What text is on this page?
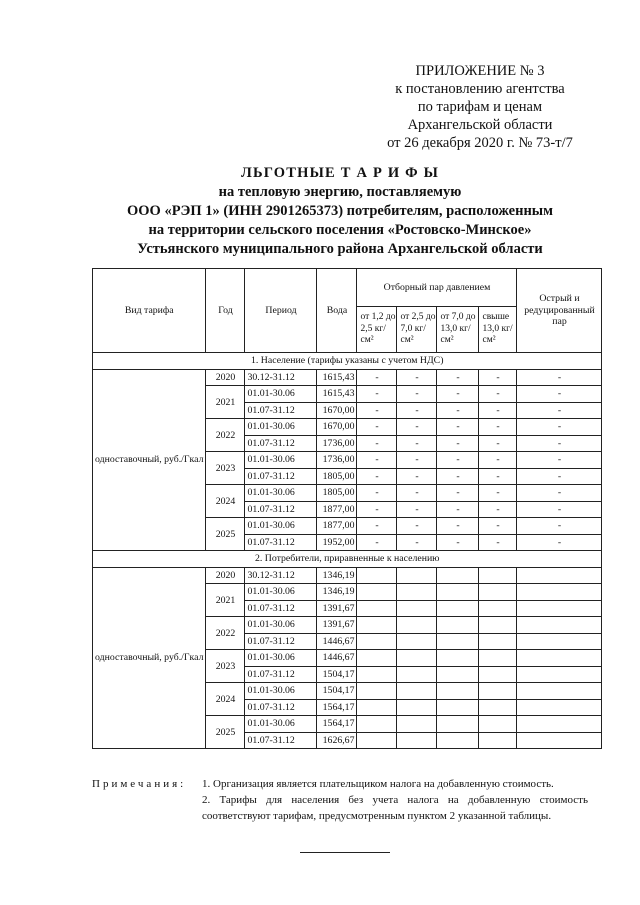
ПРИЛОЖЕНИЕ № 3
к постановлению агентства
по тарифам и ценам
Архангельской области
от 26 декабря 2020 г. № 73-т/7
ЛЬГОТНЫЕ Т А Р И Ф Ы
на тепловую энергию, поставляемую
ООО «РЭП 1» (ИНН 2901265373) потребителям, расположенным
на территории сельского поселения «Ростовско-Минское»
Устьянского муниципального района Архангельской области
Вид тарифа	Год	Период	Вода	Отборный пар давлением				Острый и редуцированный пар
				от 1,2 до 2,5 кг/см²	от 2,5 до 7,0 кг/см²	от 7,0 до 13,0 кг/см²	свыше 13,0 кг/см²	
1. Население (тарифы указаны с учетом НДС)								
одноставочный, руб./Гкал	2020	30.12-31.12	1615,43	-	-	-	-	-
	2021	01.01-30.06	1615,43	-	-	-	-	-
		01.07-31.12	1670,00	-	-	-	-	-
	2022	01.01-30.06	1670,00	-	-	-	-	-
		01.07-31.12	1736,00	-	-	-	-	-
	2023	01.01-30.06	1736,00	-	-	-	-	-
		01.07-31.12	1805,00	-	-	-	-	-
	2024	01.01-30.06	1805,00	-	-	-	-	-
		01.07-31.12	1877,00	-	-	-	-	-
	2025	01.01-30.06	1877,00	-	-	-	-	-
		01.07-31.12	1952,00	-	-	-	-	-
2. Потребители, приравненные к населению								
одноставочный, руб./Гкал	2020	30.12-31.12	1346,19					
	2021	01.01-30.06	1346,19					
		01.07-31.12	1391,67					
	2022	01.01-30.06	1391,67					
		01.07-31.12	1446,67					
	2023	01.01-30.06	1446,67					
		01.07-31.12	1504,17					
	2024	01.01-30.06	1504,17					
		01.07-31.12	1564,17					
	2025	01.01-30.06	1564,17					
		01.07-31.12	1626,67					
Примечания: 1. Организация является плательщиком налога на добавленную стоимость.
2. Тарифы для населения без учета налога на добавленную стоимость соответствуют тарифам, предусмотренным пунктом 2 указанной таблицы.
